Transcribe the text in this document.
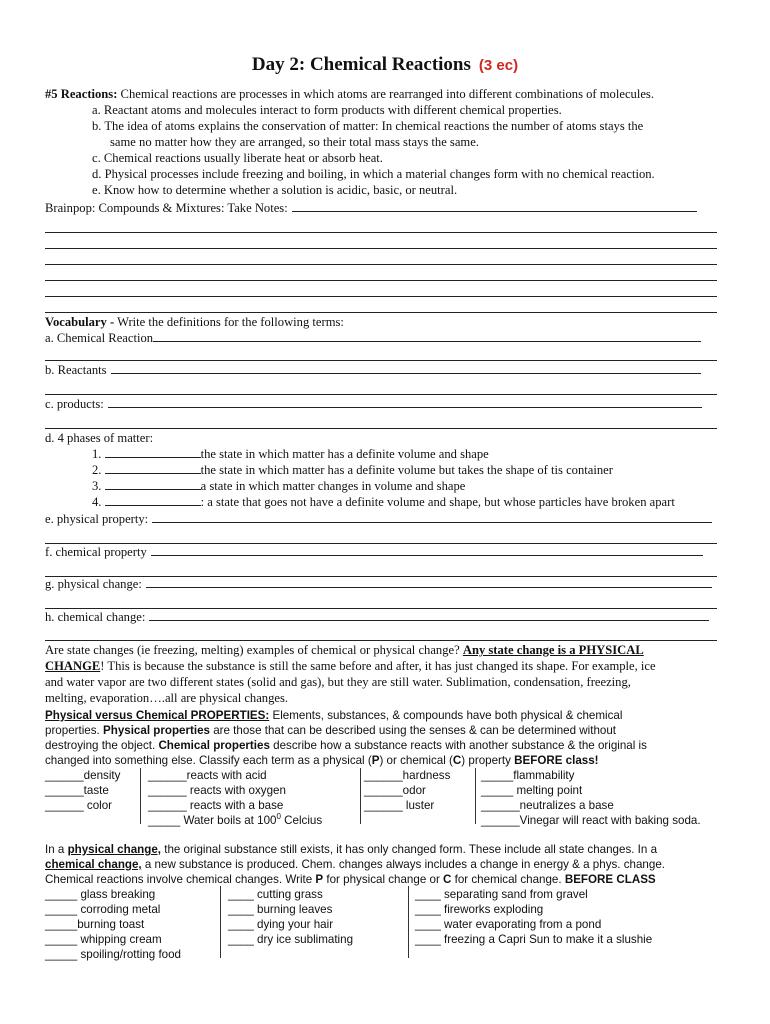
Day 2: Chemical Reactions (3 ec)
#5 Reactions: Chemical reactions are processes in which atoms are rearranged into different combinations of molecules.
a. Reactant atoms and molecules interact to form products with different chemical properties.
b. The idea of atoms explains the conservation of matter: In chemical reactions the number of atoms stays the
same no matter how they are arranged, so their total mass stays the same.
c. Chemical reactions usually liberate heat or absorb heat.
d. Physical processes include freezing and boiling, in which a material changes form with no chemical reaction.
e. Know how to determine whether a solution is acidic, basic, or neutral.
Brainpop: Compounds & Mixtures: Take Notes:
Vocabulary - Write the definitions for the following terms:
a. Chemical Reaction
b. Reactants
c. products:
d. 4 phases of matter:
1.	the state in which matter has a definite volume and shape
2.	the state in which matter has a definite volume but takes the shape of tis container
3.	a state in which matter changes in volume and shape
4.	: a state that goes not have a definite volume and shape, but whose particles have broken apart
e. physical property:
f. chemical property
g. physical change:
h. chemical change:
Are state changes (ie freezing, melting) examples of chemical or physical change? Any state change is a PHYSICAL
CHANGE! This is because the substance is still the same before and after, it has just changed its shape. For example, ice
and water vapor are two different states (solid and gas), but they are still water. Sublimation, condensation, freezing,
melting, evaporation….all are physical changes.
Physical versus Chemical PROPERTIES: Elements, substances, & compounds have both physical & chemical
properties. Physical properties are those that can be described using the senses & can be determined without
destroying the object. Chemical properties describe how a substance reacts with another substance & the original is
changed into something else. Classify each term as a physical (P) or chemical (C) property BEFORE class!
______density
______taste
______ color
______reacts with acid
______ reacts with oxygen
______ reacts with a base
_____ Water boils at $100^0$ Celcius
______hardness
______odor
______ luster
_____flammability
_____ melting point
______neutralizes a base
______Vinegar will react with baking soda.
In a physical change, the original substance still exists, it has only changed form. These include all state changes. In a
chemical change, a new substance is produced. Chem. changes always includes a change in energy & a phys. change.
Chemical reactions involve chemical changes. Write P for physical change or C for chemical change. BEFORE CLASS
_____ glass breaking
_____ corroding metal
_____burning toast
_____ whipping cream
_____ spoiling/rotting food
____ cutting grass
____ burning leaves
____ dying your hair
____ dry ice sublimating
____ separating sand from gravel
____ fireworks exploding
____ water evaporating from a pond
____ freezing a Capri Sun to make it a slushie
